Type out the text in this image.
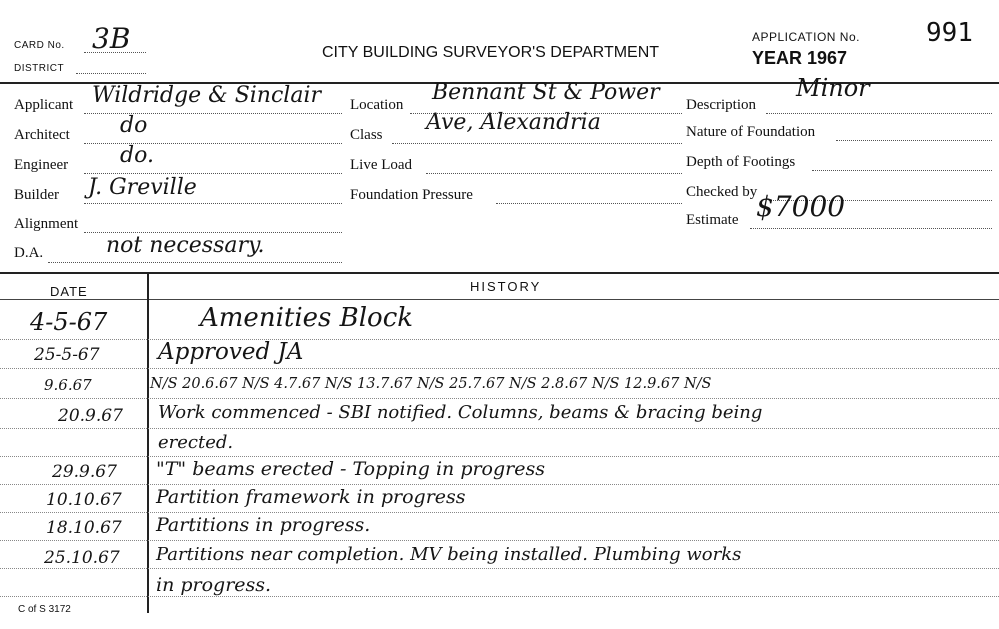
CARD No. 3B
DISTRICT
CITY BUILDING SURVEYOR'S DEPARTMENT
APPLICATION No.	991
YEAR 1967
Applicant Wildridge & Sinclair
Architect do
Engineer do.
Builder J. Greville
Alignment
D.A.	not necessary.
Location Bennant St & Power
Class Ave, Alexandria
Live Load
Foundation Pressure
Description
Minor
Nature of Foundation
Depth of Footings
Checked by
Estimate $7000
DATE	HISTORY
4-5-67	Amenities Block
25-5-67	Approved JA
9.6.67	N/S 20.6.67 N/S 4.7.67 N/S 13.7.67 N/S 25.7.67 N/S 2.8.67 N/S 12.9.67 N/S
20.9.67 Work commenced - SBI notified. Columns, beams & bracing being
erected.
29.9.67 "T" beams erected - Topping in progress
10.10.67 Partition framework in progress
18.10.67 Partitions in progress.
25.10.67 Partitions near completion. MV being installed. Plumbing works
in progress.
C of S 3172
